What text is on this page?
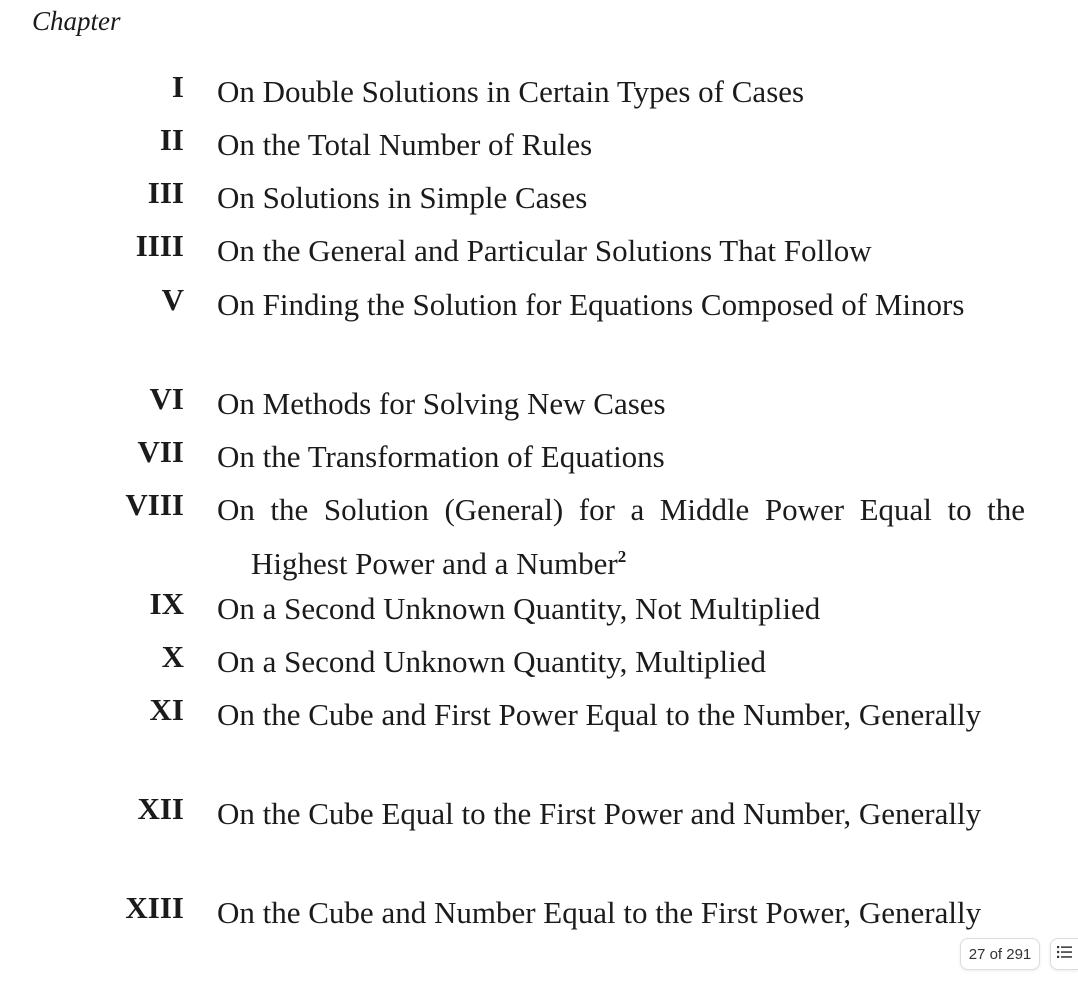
Chapter
I On Double Solutions in Certain Types of Cases

II On the Total Number of Rules

III On Solutions in Simple Cases

IIII On the General and Particular Solutions That Follow

V On Finding the Solution for Equations Composed of Minors

VI On Methods for Solving New Cases

VII On the Transformation of Equations

VIII On the Solution (General) for a Middle Power Equal to the Highest Power and a Number$^2$

IX On a Second Unknown Quantity, Not Multiplied

X On a Second Unknown Quantity, Multiplied

XI On the Cube and First Power Equal to the Number, Generally

XII On the Cube Equal to the First Power and Number, Generally

XIII On the Cube and Number Equal to the First Power, Generally

27 of 291
